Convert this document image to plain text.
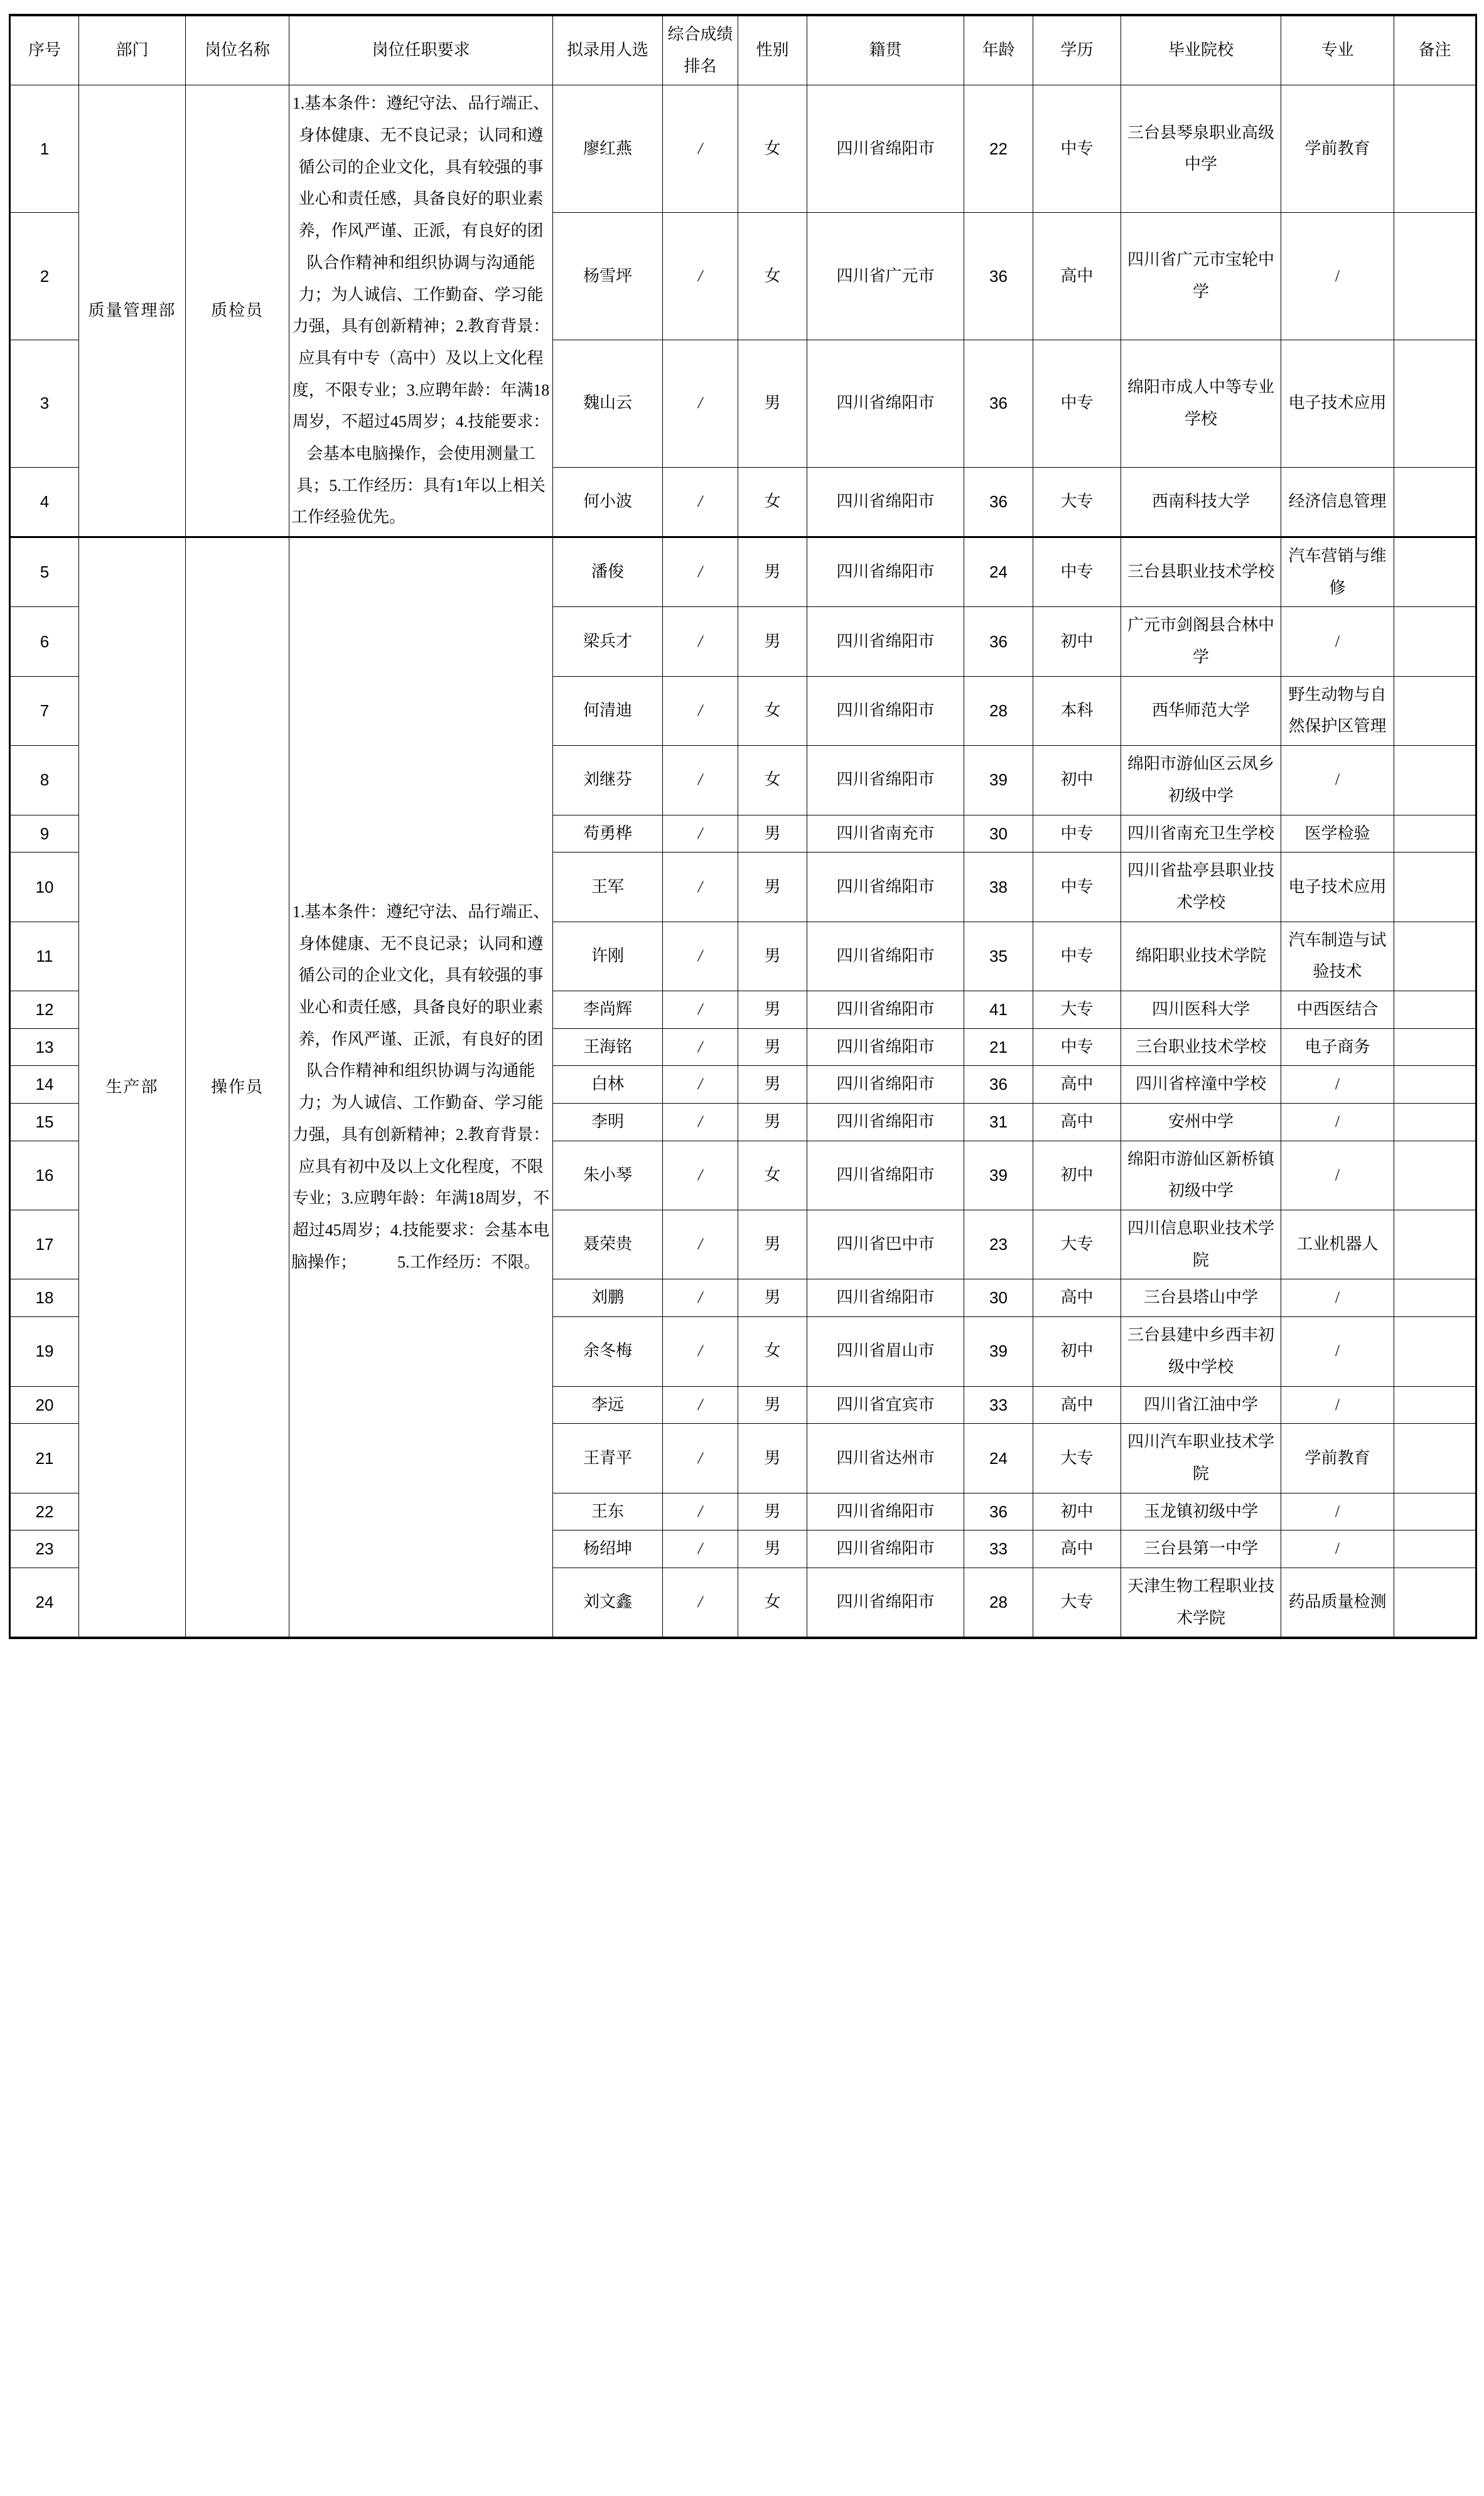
序号	部门	岗位名称	岗位任职要求	拟录用人选	综合成绩排名	性别	籍贯	年龄	学历	毕业院校	专业	备注
1	质量管理部	质检员	1.基本条件：遵纪守法、品行端正、身体健康、无不良记录；认同和遵循公司的企业文化，具有较强的事业心和责任感，具备良好的职业素养，作风严谨、正派，有良好的团队合作精神和组织协调与沟通能力；为人诚信、工作勤奋、学习能力强，具有创新精神；2.教育背景：应具有中专（高中）及以上文化程度，不限专业；3.应聘年龄：年满18周岁，不超过45周岁；4.技能要求：会基本电脑操作，会使用测量工具；5.工作经历：具有1年以上相关工作经验优先。	廖红燕	/	女	四川省绵阳市	22	中专	三台县琴泉职业高级中学	学前教育	
2				杨雪坪	/	女	四川省广元市	36	高中	四川省广元市宝轮中学	/	
3				魏山云	/	男	四川省绵阳市	36	中专	绵阳市成人中等专业学校	电子技术应用	
4				何小波	/	女	四川省绵阳市	36	大专	西南科技大学	经济信息管理	
5	生产部	操作员	1.基本条件：遵纪守法、品行端正、身体健康、无不良记录；认同和遵循公司的企业文化，具有较强的事业心和责任感，具备良好的职业素养，作风严谨、正派，有良好的团队合作精神和组织协调与沟通能力；为人诚信、工作勤奋、学习能力强，具有创新精神；2.教育背景：应具有初中及以上文化程度，不限专业；3.应聘年龄：年满18周岁，不超过45周岁；4.技能要求：会基本电脑操作；　　　5.工作经历：不限。	潘俊	/	男	四川省绵阳市	24	中专	三台县职业技术学校	汽车营销与维修	
6				梁兵才	/	男	四川省绵阳市	36	初中	广元市剑阁县合林中学	/	
7				何清迪	/	女	四川省绵阳市	28	本科	西华师范大学	野生动物与自然保护区管理	
8				刘继芬	/	女	四川省绵阳市	39	初中	绵阳市游仙区云凤乡初级中学	/	
9				苟勇桦	/	男	四川省南充市	30	中专	四川省南充卫生学校	医学检验	
10				王军	/	男	四川省绵阳市	38	中专	四川省盐亭县职业技术学校	电子技术应用	
11				许刚	/	男	四川省绵阳市	35	中专	绵阳职业技术学院	汽车制造与试验技术	
12				李尚辉	/	男	四川省绵阳市	41	大专	四川医科大学	中西医结合	
13				王海铭	/	男	四川省绵阳市	21	中专	三台职业技术学校	电子商务	
14				白林	/	男	四川省绵阳市	36	高中	四川省梓潼中学校	/	
15				李明	/	男	四川省绵阳市	31	高中	安州中学	/	
16				朱小琴	/	女	四川省绵阳市	39	初中	绵阳市游仙区新桥镇初级中学	/	
17				聂荣贵	/	男	四川省巴中市	23	大专	四川信息职业技术学院	工业机器人	
18				刘鹏	/	男	四川省绵阳市	30	高中	三台县塔山中学	/	
19				余冬梅	/	女	四川省眉山市	39	初中	三台县建中乡西丰初级中学校	/	
20				李远	/	男	四川省宜宾市	33	高中	四川省江油中学	/	
21				王青平	/	男	四川省达州市	24	大专	四川汽车职业技术学院	学前教育	
22				王东	/	男	四川省绵阳市	36	初中	玉龙镇初级中学	/	
23				杨绍坤	/	男	四川省绵阳市	33	高中	三台县第一中学	/	
24				刘文鑫	/	女	四川省绵阳市	28	大专	天津生物工程职业技术学院	药品质量检测	
